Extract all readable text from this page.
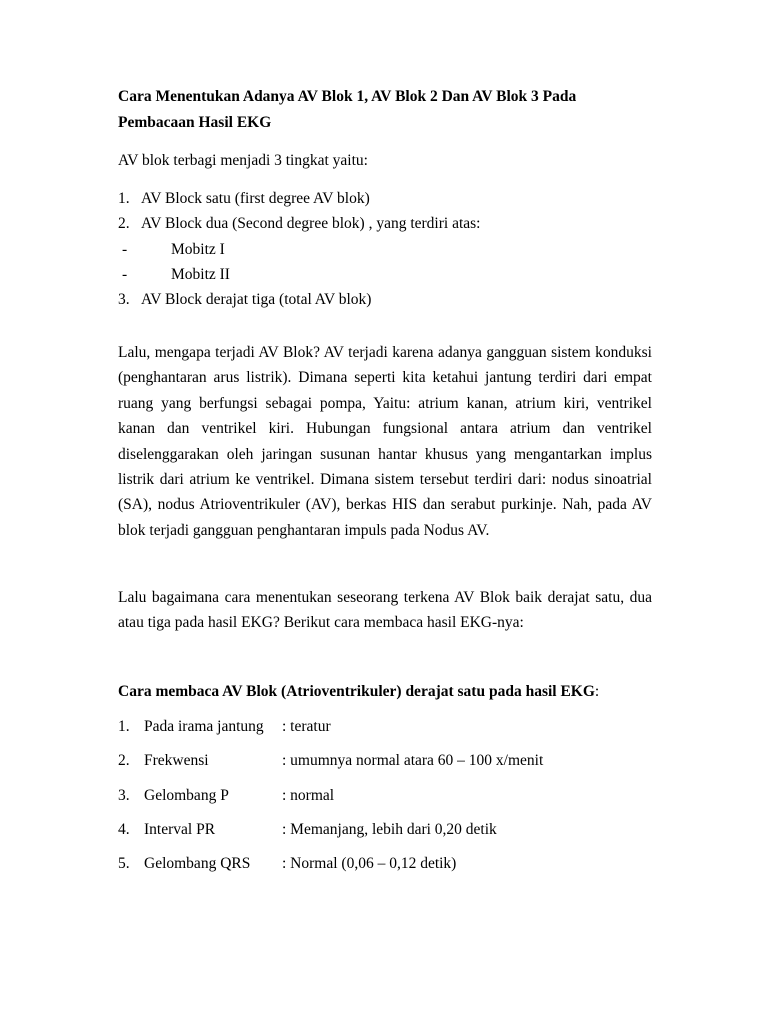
Cara Menentukan Adanya AV Blok 1, AV Blok 2 Dan AV Blok 3 Pada
Pembacaan Hasil EKG
AV blok terbagi menjadi 3 tingkat yaitu:
1. AV Block satu (first degree AV blok)
2. AV Block dua (Second degree blok) , yang terdiri atas:
-	Mobitz I
-	Mobitz II
3. AV Block derajat tiga (total AV blok)

Lalu, mengapa terjadi AV Blok? AV terjadi karena adanya gangguan sistem konduksi (penghantaran arus listrik). Dimana seperti kita ketahui jantung terdiri dari empat ruang yang berfungsi sebagai pompa, Yaitu: atrium kanan, atrium kiri, ventrikel kanan dan ventrikel kiri. Hubungan fungsional antara atrium dan ventrikel diselenggarakan oleh jaringan susunan hantar khusus yang mengantarkan implus listrik dari atrium ke ventrikel. Dimana sistem tersebut terdiri dari: nodus sinoatrial (SA), nodus Atrioventrikuler (AV), berkas HIS dan serabut purkinje. Nah, pada AV blok terjadi gangguan penghantaran impuls pada Nodus AV.

Lalu bagaimana cara menentukan seseorang terkena AV Blok baik derajat satu, dua atau tiga pada hasil EKG? Berikut cara membaca hasil EKG-nya:

Cara membaca AV Blok (Atrioventrikuler) derajat satu pada hasil EKG:
1. Pada irama jantung : teratur
2. Frekwensi	: umumnya normal atara 60 – 100 x/menit
3. Gelombang P	: normal
4. Interval PR	: Memanjang, lebih dari 0,20 detik
5. Gelombang QRS : Normal (0,06 – 0,12 detik)
